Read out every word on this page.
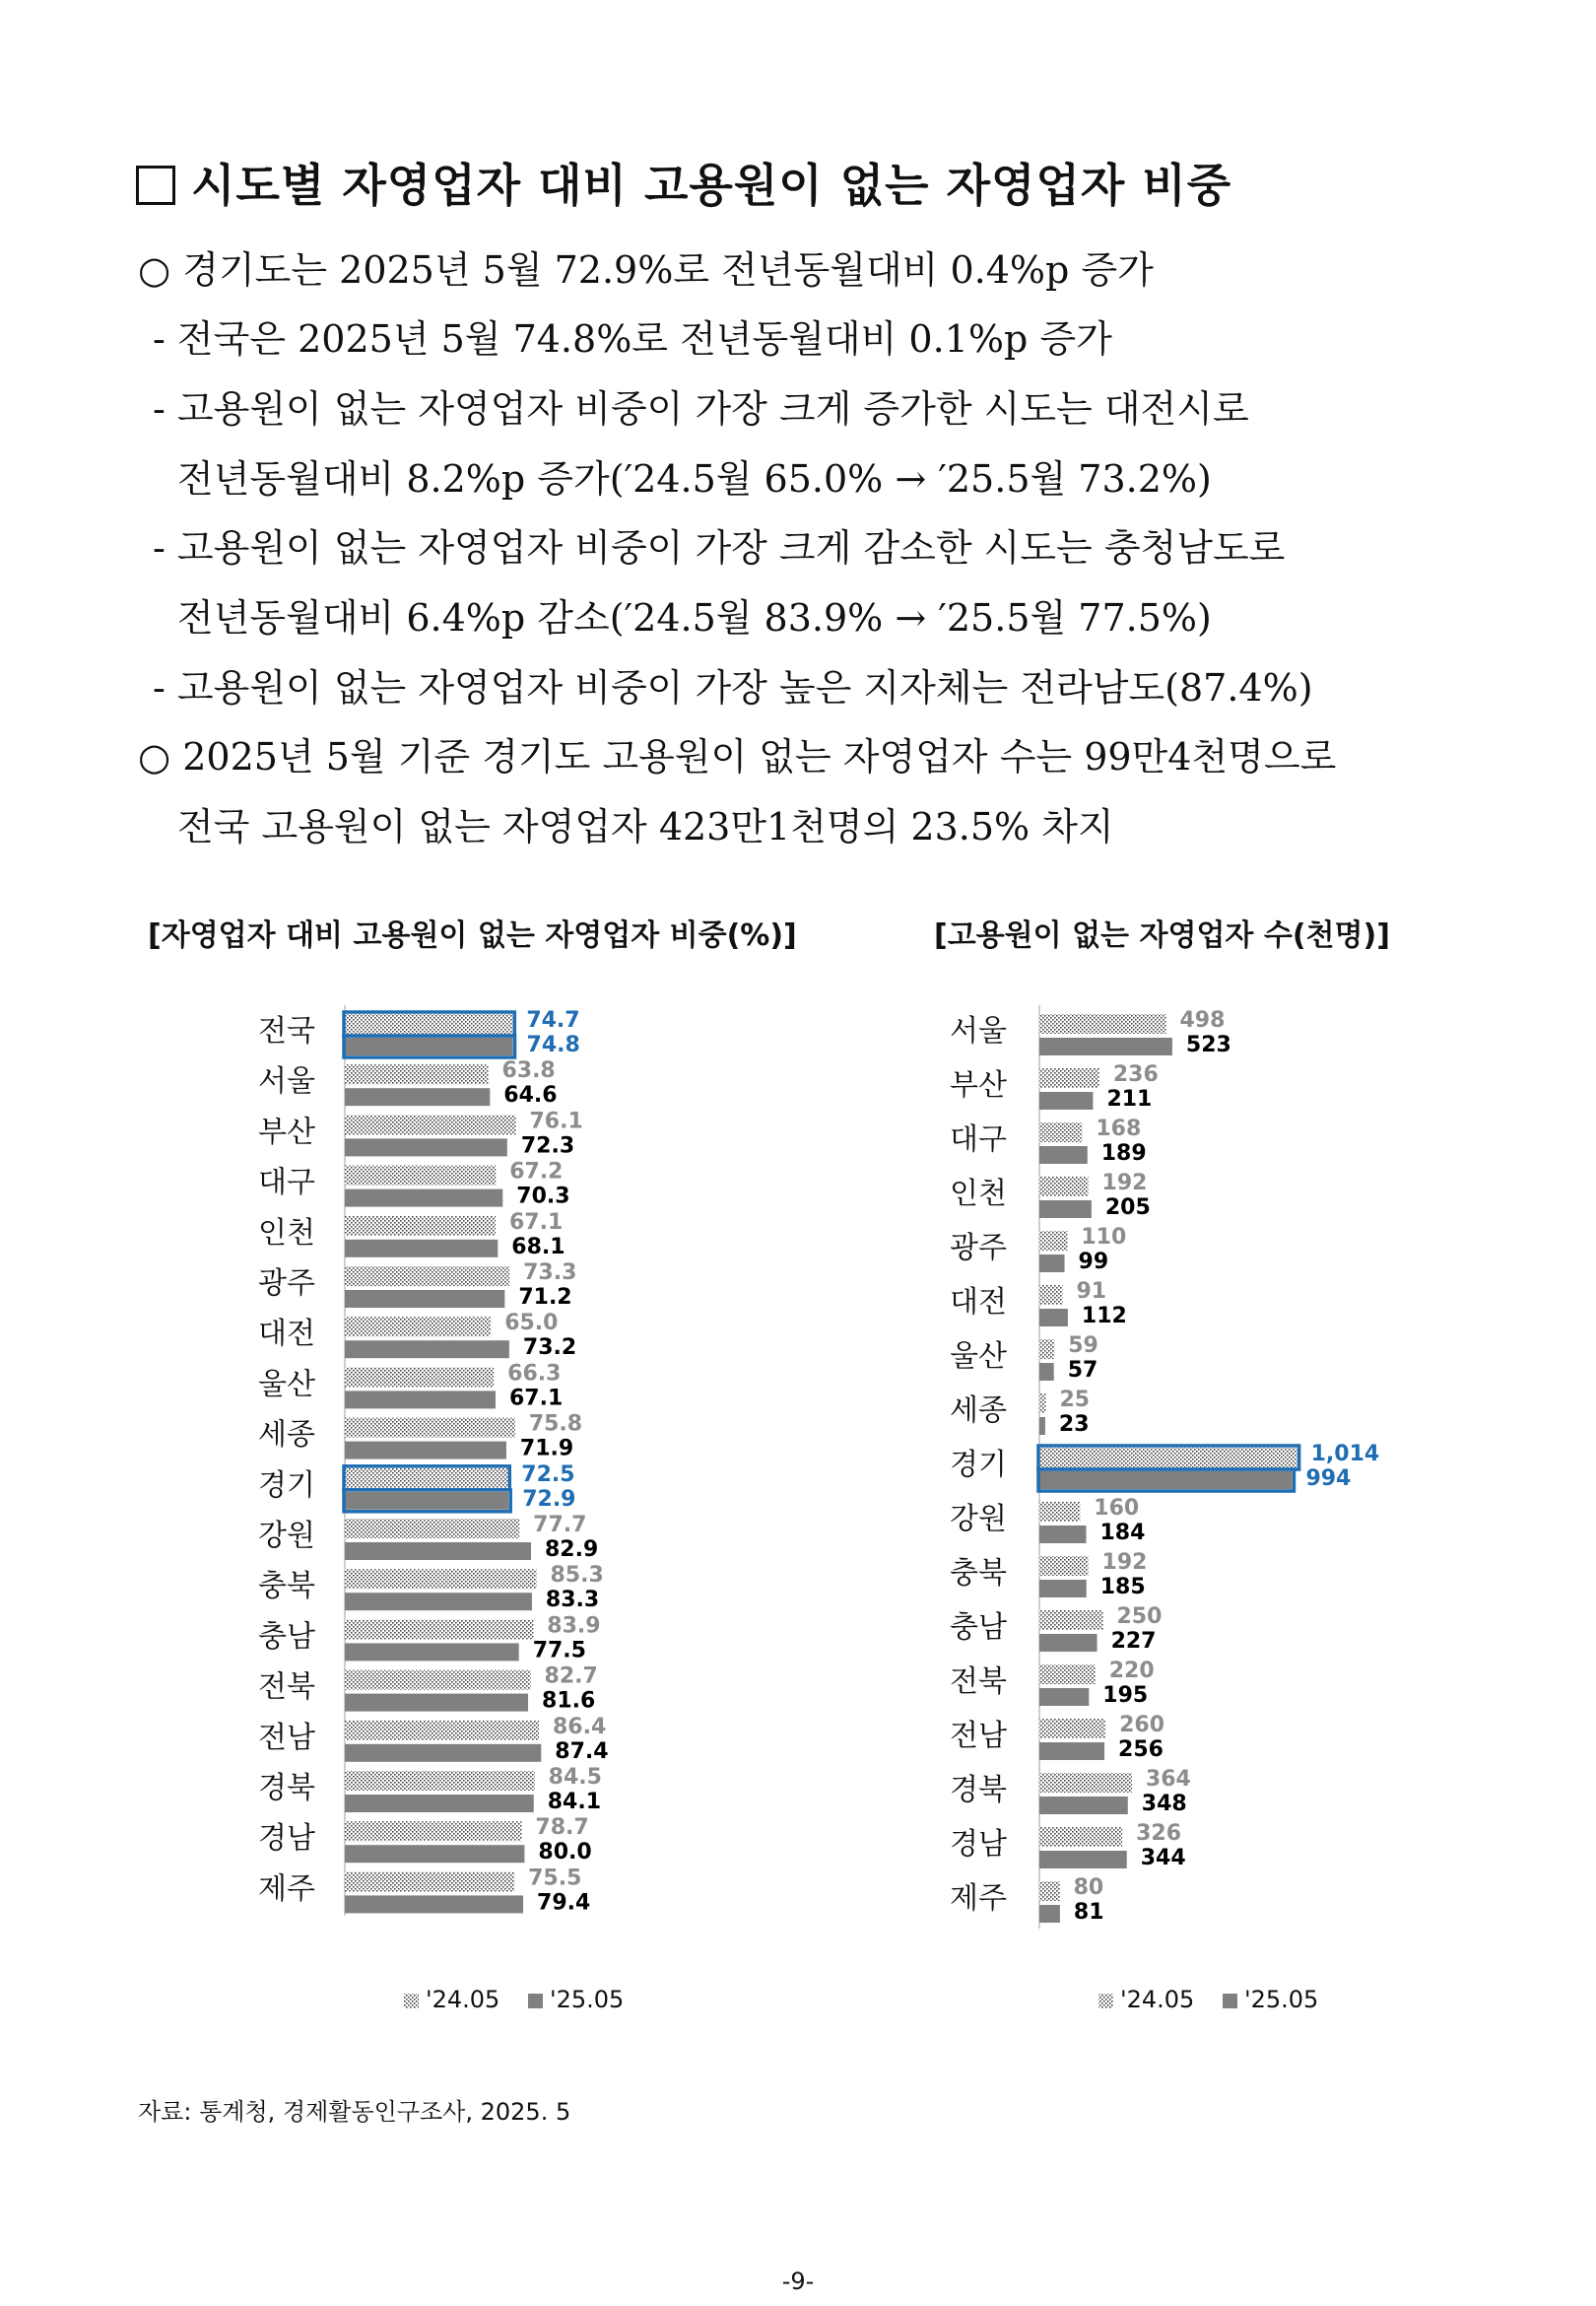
시도별 자영업자 대비 고용원이 없는 자영업자 비중
○ 경기도는 2025년 5월 72.9%로 전년동월대비 0.4%p 증가
- 전국은 2025년 5월 74.8%로 전년동월대비 0.1%p 증가
- 고용원이 없는 자영업자 비중이 가장 크게 증가한 시도는 대전시로
전년동월대비 8.2%p 증가(′24.5월 65.0% → ′25.5월 73.2%)
- 고용원이 없는 자영업자 비중이 가장 크게 감소한 시도는 충청남도로
전년동월대비 6.4%p 감소(′24.5월 83.9% → ′25.5월 77.5%)
- 고용원이 없는 자영업자 비중이 가장 높은 지자체는 전라남도(87.4%)
○ 2025년 5월 기준 경기도 고용원이 없는 자영업자 수는 99만4천명으로
전국 고용원이 없는 자영업자 423만1천명의 23.5% 차지
[자영업자 대비 고용원이 없는 자영업자 비중(%)]	[고용원이 없는 자영업자 수(천명)]
전국	74.7
74.8
서울	63.8
64.6
부산	76.1
72.3
대구	67.2
70.3
인천	67.1
68.1
광주	73.3
71.2
대전	65.0
73.2
울산	66.3
67.1
세종	75.8
71.9
경기	72.5
72.9
강원	77.7
82.9
충북	85.3
83.3
충남	83.9
77.5
전북	82.7
81.6
전남	86.4
87.4
경북	84.5
84.1
경남	78.7
80.0
제주	75.5
79.4
'24.05 '25.05
서울	498
523
부산	236
211
대구	168
189
인천	192
205
광주	110
99
대전	91
112
울산	59
57
세종 25
23
경기	1,014
994
강원	160
184
충북	192
185
충남	250
227
전북	220
195
전남	260
256
경북	364
348
경남	326
344
제주	80
81
'24.05 '25.05
자료: 통계청, 경제활동인구조사, 2025. 5
-9-
